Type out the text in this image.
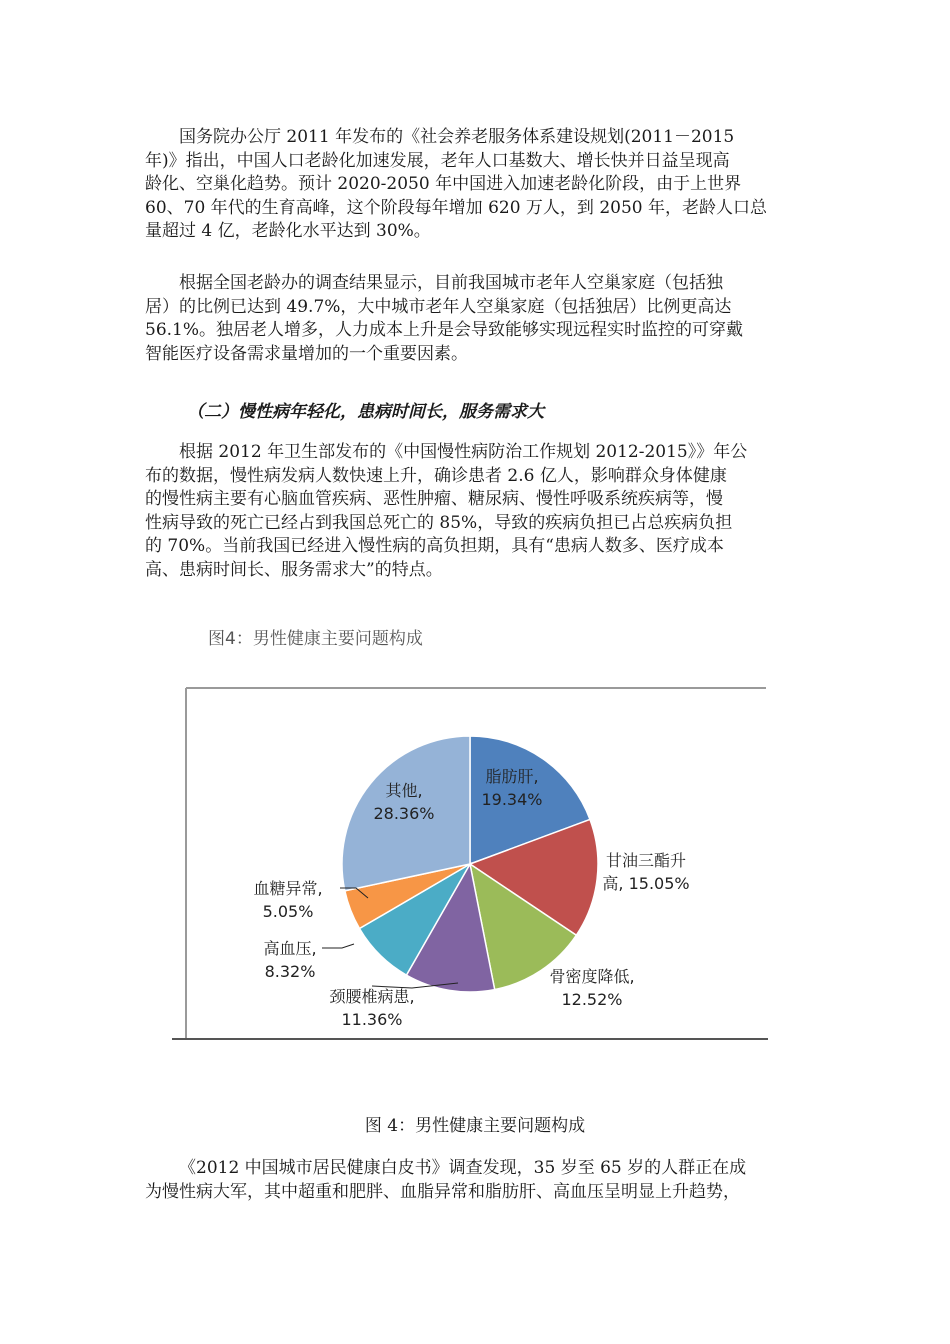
国务院办公厅 2011 年发布的《社会养老服务体系建设规划(2011－2015
年)》指出，中国人口老龄化加速发展，老年人口基数大、增长快并日益呈现高
龄化、空巢化趋势。预计 2020-2050 年中国进入加速老龄化阶段，由于上世界
60、70 年代的生育高峰，这个阶段每年增加 620 万人，到 2050 年，老龄人口总
量超过 4 亿，老龄化水平达到 30%。

根据全国老龄办的调查结果显示，目前我国城市老年人空巢家庭（包括独
居）的比例已达到 49.7%，大中城市老年人空巢家庭（包括独居）比例更高达
56.1%。独居老人增多，人力成本上升是会导致能够实现远程实时监控的可穿戴
智能医疗设备需求量增加的一个重要因素。

（二）慢性病年轻化，患病时间长，服务需求大

根据 2012 年卫生部发布的《中国慢性病防治工作规划 2012-2015》》年公
布的数据，慢性病发病人数快速上升，确诊患者 2.6 亿人，影响群众身体健康
的慢性病主要有心脑血管疾病、恶性肿瘤、糖尿病、慢性呼吸系统疾病等，慢
性病导致的死亡已经占到我国总死亡的 85%，导致的疾病负担已占总疾病负担
的 70%。当前我国已经进入慢性病的高负担期，具有“患病人数多、医疗成本
高、患病时间长、服务需求大”的特点。

图4：男性健康主要问题构成
脂肪肝, 19.34%
甘油三酯升高, 15.05%
骨密度降低, 12.52%
颈腰椎病患, 11.36%
高血压, 8.32%
血糖异常, 5.05%
其他, 28.36%
图 4：男性健康主要问题构成

《2012 中国城市居民健康白皮书》调查发现，35 岁至 65 岁的人群正在成
为慢性病大军，其中超重和肥胖、血脂异常和脂肪肝、高血压呈明显上升趋势，
